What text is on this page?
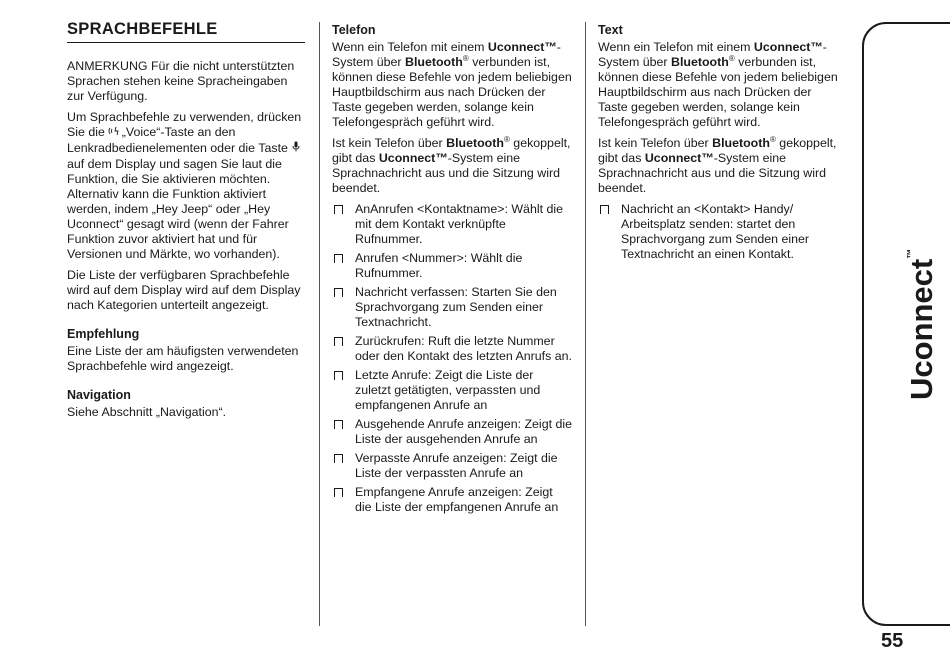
SPRACHBEFEHLE

ANMERKUNG Für die nicht unterstützten Sprachen stehen keine Spracheingaben zur Verfügung.

Um Sprachbefehle zu verwenden, drücken Sie die „Voice“-Taste an den Lenkradbedienelementen oder die Taste  auf dem Display und sagen Sie laut die Funktion, die Sie aktivieren möchten. Alternativ kann die Funktion aktiviert werden, indem „Hey Jeep“ oder „Hey Uconnect“ gesagt wird (wenn der Fahrer Funktion zuvor aktiviert hat und für Versionen und Märkte, wo vorhanden).

Die Liste der verfügbaren Sprachbefehle wird auf dem Display wird auf dem Display nach Kategorien unterteilt angezeigt.

Empfehlung

Eine Liste der am häufigsten verwendeten Sprachbefehle wird angezeigt.

Navigation

Siehe Abschnitt „Navigation“.

Telefon

Wenn ein Telefon mit einem Uconnect™-System über Bluetooth® verbunden ist, können diese Befehle von jedem beliebigen Hauptbildschirm aus nach Drücken der Taste gegeben werden, solange kein Telefongespräch geführt wird.

Ist kein Telefon über Bluetooth® gekoppelt, gibt das Uconnect™-System eine Sprachnachricht aus und die Sitzung wird beendet.

AnAnrufen <Kontaktname>: Wählt die mit dem Kontakt verknüpfte Rufnummer.
Anrufen <Nummer>: Wählt die Rufnummer.
Nachricht verfassen: Starten Sie den Sprachvorgang zum Senden einer Textnachricht.
Zurückrufen: Ruft die letzte Nummer oder den Kontakt des letzten Anrufs an.
Letzte Anrufe: Zeigt die Liste der zuletzt getätigten, verpassten und empfangenen Anrufe an
Ausgehende Anrufe anzeigen: Zeigt die Liste der ausgehenden Anrufe an
Verpasste Anrufe anzeigen: Zeigt die Liste der verpassten Anrufe an
Empfangene Anrufe anzeigen: Zeigt die Liste der empfangenen Anrufe an
Text

Wenn ein Telefon mit einem Uconnect™-System über Bluetooth® verbunden ist, können diese Befehle von jedem beliebigen Hauptbildschirm aus nach Drücken der Taste gegeben werden, solange kein Telefongespräch geführt wird.

Ist kein Telefon über Bluetooth® gekoppelt, gibt das Uconnect™-System eine Sprachnachricht aus und die Sitzung wird beendet.

Nachricht an <Kontakt> Handy/ Arbeitsplatz senden: startet den Sprachvorgang zum Senden einer Textnachricht an einen Kontakt.
Uconnect™
55
